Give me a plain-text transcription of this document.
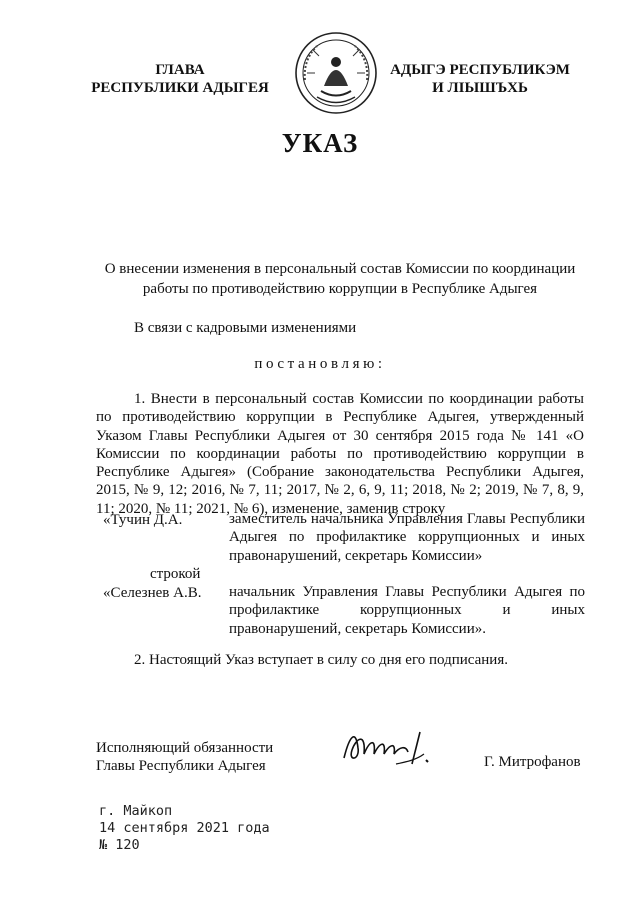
ГЛАВА
РЕСПУБЛИКИ АДЫГЕЯ
АДЫГЭ РЕСПУБЛИКЭМ
И ЛІЫШЪХЬ
УКАЗ
О внесении изменения в персональный состав Комиссии по координации работы по противодействию коррупции в Республике Адыгея
В связи с кадровыми изменениями
постановляю:
1. Внести в персональный состав Комиссии по координации работы по противодействию коррупции в Республике Адыгея, утвержденный Указом Главы Республики Адыгея от 30 сентября 2015 года № 141 «О Комиссии по координации работы по противодействию коррупции в Республике Адыгея» (Собрание законодательства Республики Адыгея, 2015, № 9, 12; 2016, № 7, 11; 2017, № 2, 6, 9, 11; 2018, № 2; 2019, № 7, 8, 9, 11; 2020, № 11; 2021, № 6), изменение, заменив строку
«Тучин Д.А.	заместитель начальника Управления Главы Республики Адыгея по профилактике коррупционных и иных правонарушений, секретарь Комиссии»
строкой
«Селезнев А.В. начальник Управления Главы Республики Адыгея по профилактике коррупционных и иных правонарушений, секретарь Комиссии».
2. Настоящий Указ вступает в силу со дня его подписания.
Исполняющий обязанности
Главы Республики Адыгея	Г. Митрофанов
г. Майкоп
14 сентября 2021 года
№ 120
